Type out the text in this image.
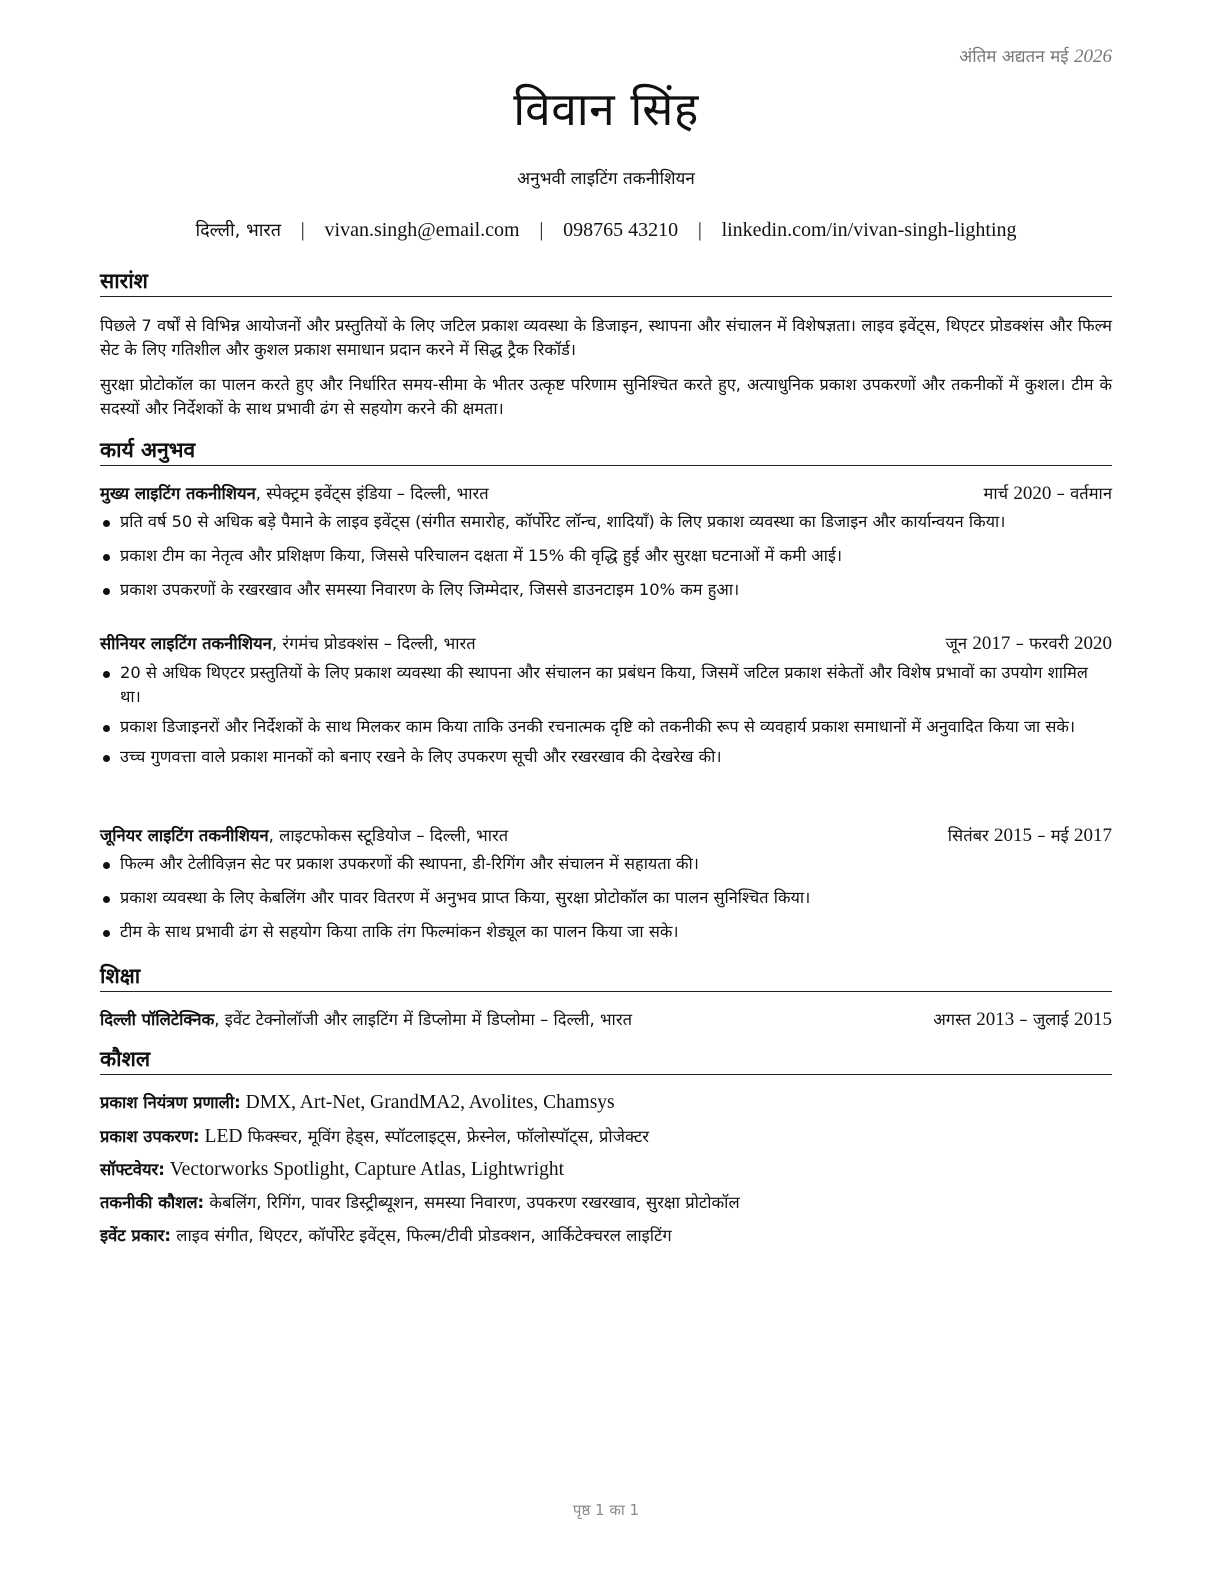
अंतिम अद्यतन मई 2026
विवान सिंह
अनुभवी लाइटिंग तकनीशियन
दिल्ली, भारत | vivan.singh@email.com | 098765 43210 | linkedin.com/in/vivan-singh-lighting
सारांश
पिछले 7 वर्षों से विभिन्न आयोजनों और प्रस्तुतियों के लिए जटिल प्रकाश व्यवस्था के डिजाइन, स्थापना और संचालन में विशेषज्ञता। लाइव इवेंट्स, थिएटर प्रोडक्शंस और फिल्म सेट के लिए गतिशील और कुशल प्रकाश समाधान प्रदान करने में सिद्ध ट्रैक रिकॉर्ड।
सुरक्षा प्रोटोकॉल का पालन करते हुए और निर्धारित समय-सीमा के भीतर उत्कृष्ट परिणाम सुनिश्चित करते हुए, अत्याधुनिक प्रकाश उपकरणों और तकनीकों में कुशल। टीम के सदस्यों और निर्देशकों के साथ प्रभावी ढंग से सहयोग करने की क्षमता।
कार्य अनुभव
मुख्य लाइटिंग तकनीशियन, स्पेक्ट्रम इवेंट्स इंडिया – दिल्ली, भारत	मार्च 2020 – वर्तमान
प्रति वर्ष 50 से अधिक बड़े पैमाने के लाइव इवेंट्स (संगीत समारोह, कॉर्पोरेट लॉन्च, शादियाँ) के लिए प्रकाश व्यवस्था का डिजाइन और कार्यान्वयन किया।
प्रकाश टीम का नेतृत्व और प्रशिक्षण किया, जिससे परिचालन दक्षता में 15% की वृद्धि हुई और सुरक्षा घटनाओं में कमी आई।
प्रकाश उपकरणों के रखरखाव और समस्या निवारण के लिए जिम्मेदार, जिससे डाउनटाइम 10% कम हुआ।
सीनियर लाइटिंग तकनीशियन, रंगमंच प्रोडक्शंस – दिल्ली, भारत	जून 2017 – फरवरी 2020
20 से अधिक थिएटर प्रस्तुतियों के लिए प्रकाश व्यवस्था की स्थापना और संचालन का प्रबंधन किया, जिसमें जटिल प्रकाश संकेतों और विशेष प्रभावों का उपयोग शामिल था।
प्रकाश डिजाइनरों और निर्देशकों के साथ मिलकर काम किया ताकि उनकी रचनात्मक दृष्टि को तकनीकी रूप से व्यवहार्य प्रकाश समाधानों में अनुवादित किया जा सके।
उच्च गुणवत्ता वाले प्रकाश मानकों को बनाए रखने के लिए उपकरण सूची और रखरखाव की देखरेख की।
जूनियर लाइटिंग तकनीशियन, लाइटफोकस स्टूडियोज – दिल्ली, भारत	सितंबर 2015 – मई 2017
फिल्म और टेलीविज़न सेट पर प्रकाश उपकरणों की स्थापना, डी-रिगिंग और संचालन में सहायता की।
प्रकाश व्यवस्था के लिए केबलिंग और पावर वितरण में अनुभव प्राप्त किया, सुरक्षा प्रोटोकॉल का पालन सुनिश्चित किया।
टीम के साथ प्रभावी ढंग से सहयोग किया ताकि तंग फिल्मांकन शेड्यूल का पालन किया जा सके।
शिक्षा
दिल्ली पॉलिटेक्निक, इवेंट टेक्नोलॉजी और लाइटिंग में डिप्लोमा में डिप्लोमा – दिल्ली, भारत	अगस्त 2013 – जुलाई 2015
कौशल
प्रकाश नियंत्रण प्रणाली: DMX, Art-Net, GrandMA2, Avolites, Chamsys
प्रकाश उपकरण: LED फिक्स्चर, मूविंग हेड्स, स्पॉटलाइट्स, फ्रेस्नेल, फॉलोस्पॉट्स, प्रोजेक्टर
सॉफ्टवेयर: Vectorworks Spotlight, Capture Atlas, Lightwright
तकनीकी कौशल: केबलिंग, रिगिंग, पावर डिस्ट्रीब्यूशन, समस्या निवारण, उपकरण रखरखाव, सुरक्षा प्रोटोकॉल
इवेंट प्रकार: लाइव संगीत, थिएटर, कॉर्पोरेट इवेंट्स, फिल्म/टीवी प्रोडक्शन, आर्किटेक्चरल लाइटिंग
पृष्ठ 1 का 1
